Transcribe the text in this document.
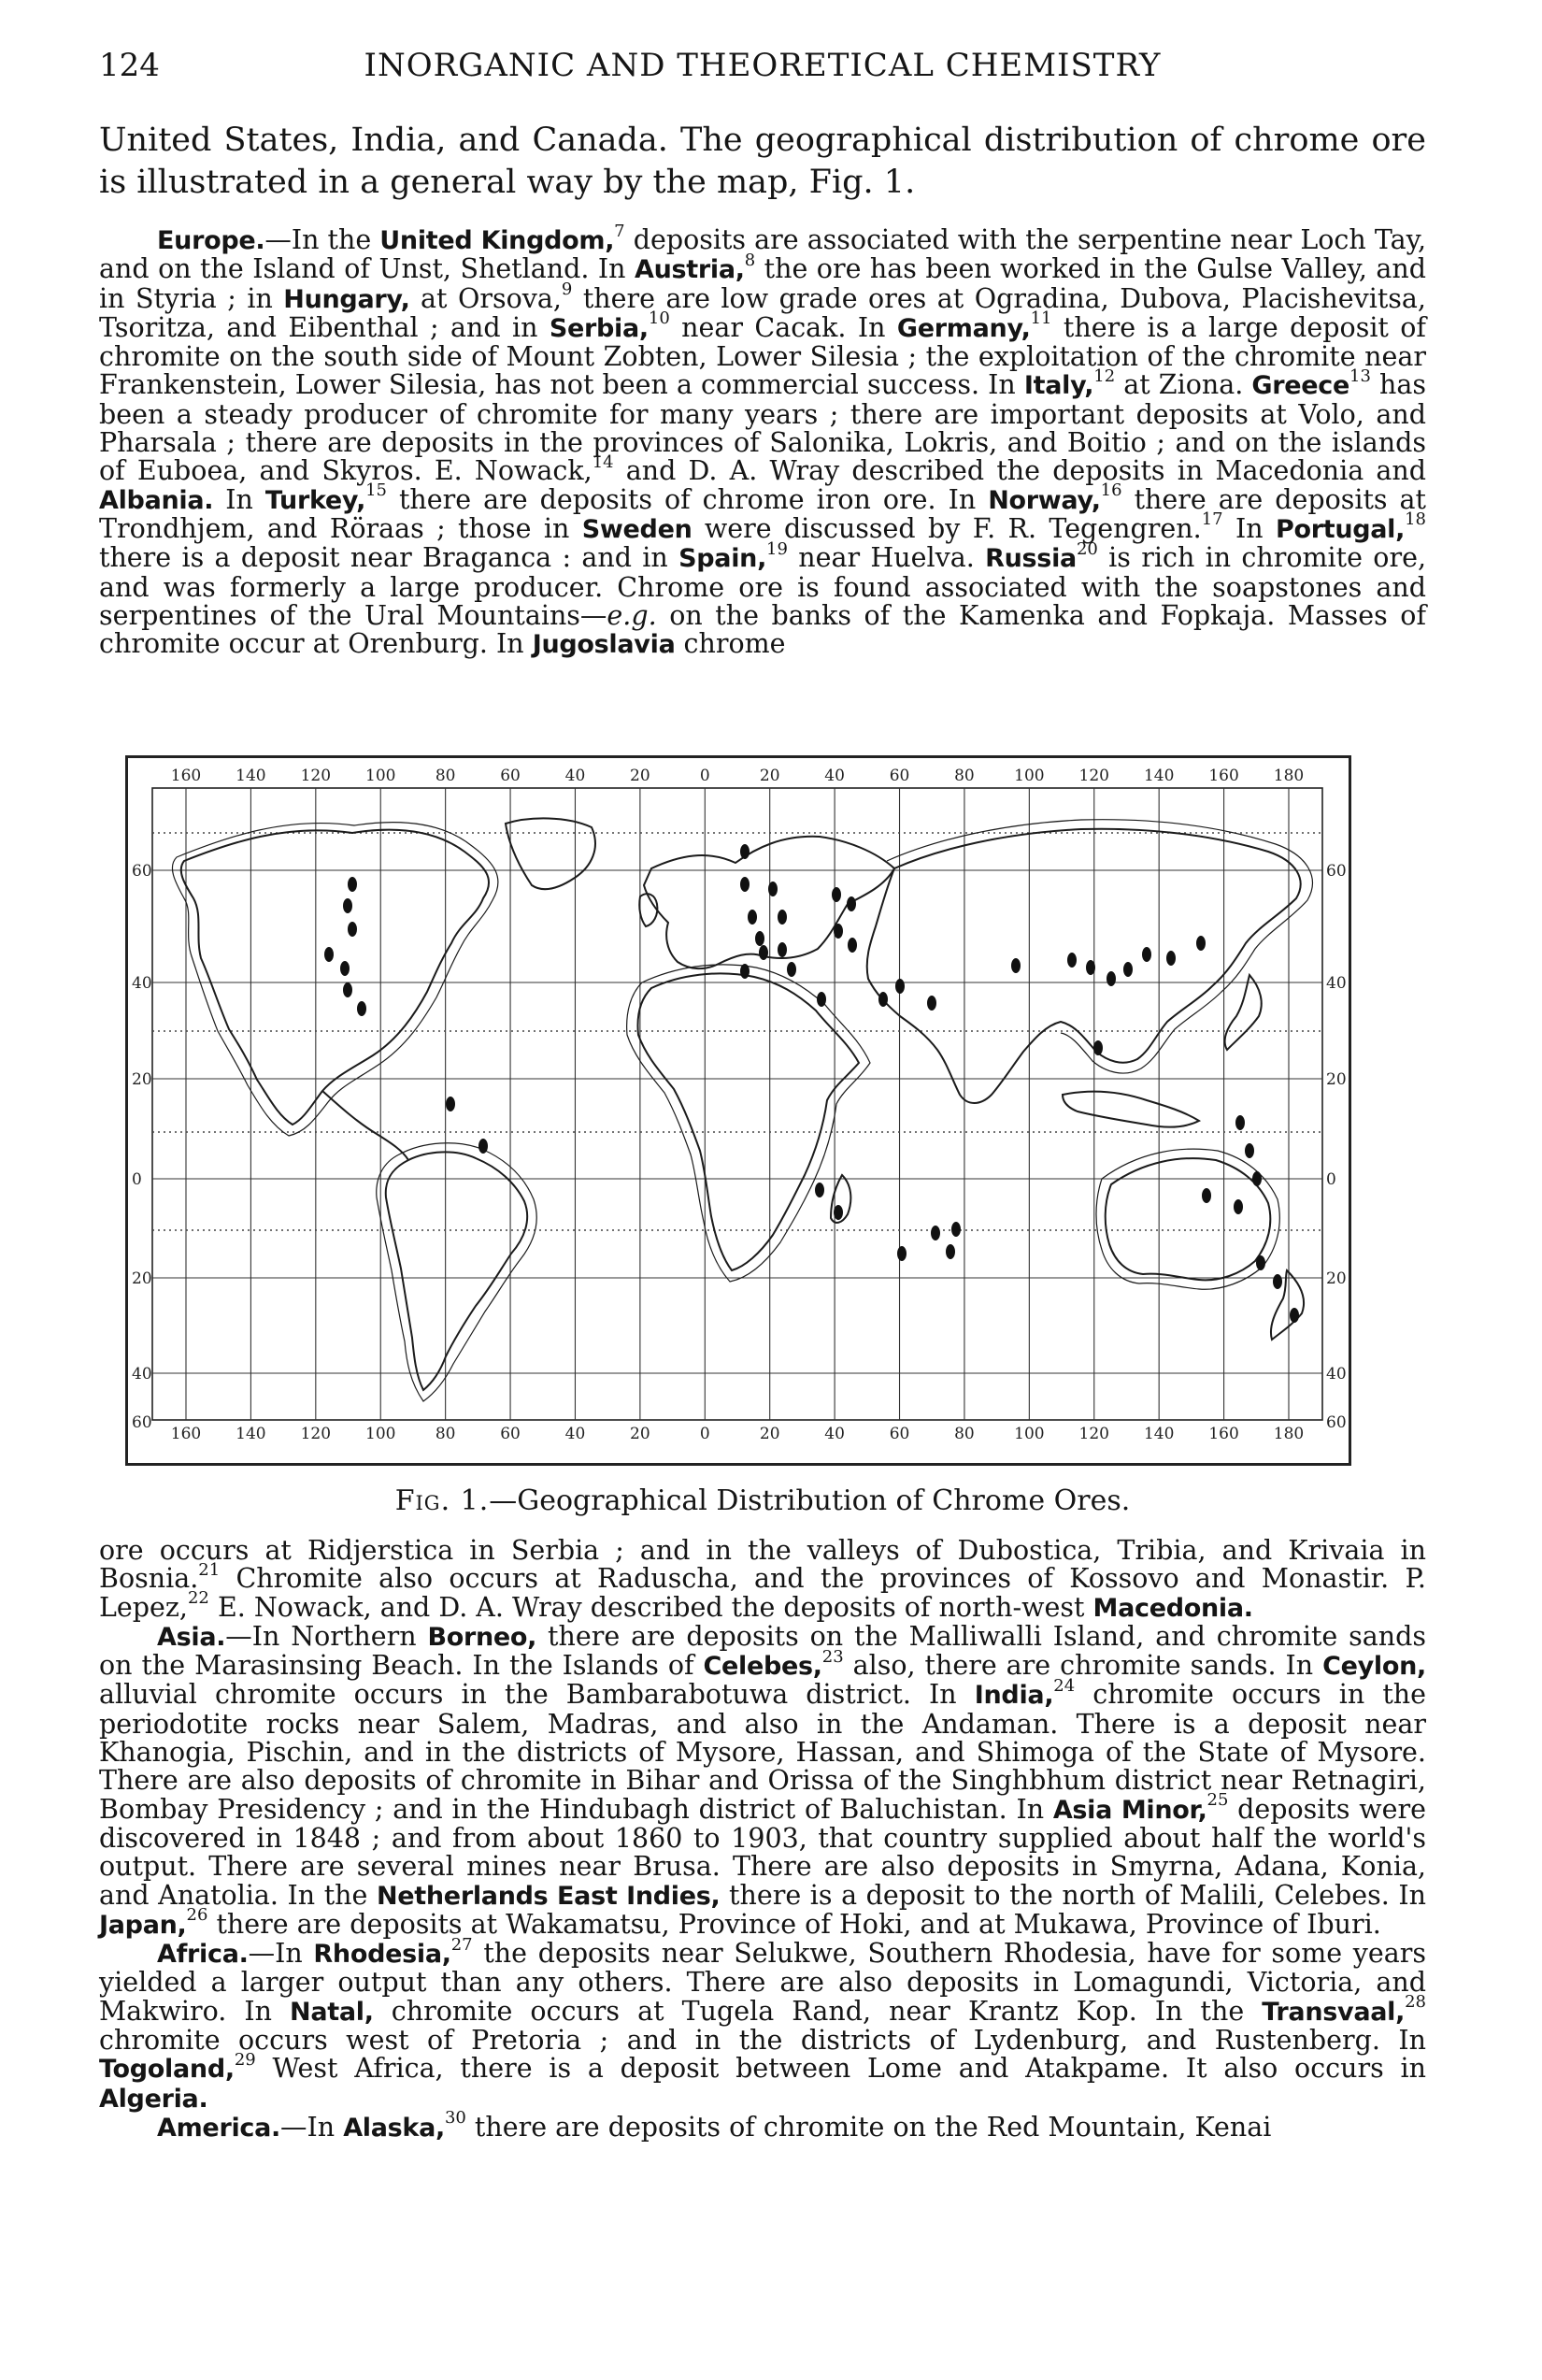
124	INORGANIC AND THEORETICAL CHEMISTRY
United States, India, and Canada. The geographical distribution of chrome ore is illustrated in a general way by the map, Fig. 1.

Europe.—In the United Kingdom,$^7$ deposits are associated with the serpentine near Loch Tay, and on the Island of Unst, Shetland. In Austria,$^8$ the ore has been worked in the Gulse Valley, and in Styria ; in Hungary, at Orsova,$^9$ there are low grade ores at Ogradina, Dubova, Placishevitsa, Tsoritza, and Eibenthal ; and in Serbia,$^{10}$ near Cacak. In Germany,$^{11}$ there is a large deposit of chromite on the south side of Mount Zobten, Lower Silesia ; the exploitation of the chromite near Frankenstein, Lower Silesia, has not been a commercial success. In Italy,$^{12}$ at Ziona. Greece$^{13}$ has been a steady producer of chromite for many years ; there are important deposits at Volo, and Pharsala ; there are deposits in the provinces of Salonika, Lokris, and Boitio ; and on the islands of Euboea, and Skyros. E. Nowack,$^{14}$ and D. A. Wray described the deposits in Macedonia and Albania. In Turkey,$^{15}$ there are deposits of chrome iron ore. In Norway,$^{16}$ there are deposits at Trondhjem, and Röraas ; those in Sweden were discussed by F. R. Tegengren.$^{17}$ In Portugal,$^{18}$ there is a deposit near Braganca : and in Spain,$^{19}$ near Huelva. Russia$^{20}$ is rich in chromite ore, and was formerly a large producer. Chrome ore is found associated with the soapstones and serpentines of the Ural Mountains—e.g. on the banks of the Kamenka and Fopkaja. Masses of chromite occur at Orenburg. In Jugoslavia chrome

160
160
140
140
120
120
100
100
80
80
60
60
40
40
20
20
0
0
20
20
40
40
60
60
80
80
100
100
120
120
140
140
160
160
180
180
60	60
40	40
20	20
0	0
20	20
40	40
60	60
Fig. 1.—Geographical Distribution of Chrome Ores.

ore occurs at Ridjerstica in Serbia ; and in the valleys of Dubostica, Tribia, and Krivaia in Bosnia.$^{21}$ Chromite also occurs at Raduscha, and the provinces of Kossovo and Monastir. P. Lepez,$^{22}$ E. Nowack, and D. A. Wray described the deposits of north-west Macedonia.

Asia.—In Northern Borneo, there are deposits on the Malliwalli Island, and chromite sands on the Marasinsing Beach. In the Islands of Celebes,$^{23}$ also, there are chromite sands. In Ceylon, alluvial chromite occurs in the Bambarabotuwa district. In India,$^{24}$ chromite occurs in the periodotite rocks near Salem, Madras, and also in the Andaman. There is a deposit near Khanogia, Pischin, and in the districts of Mysore, Hassan, and Shimoga of the State of Mysore. There are also deposits of chromite in Bihar and Orissa of the Singhbhum district near Retnagiri, Bombay Presidency ; and in the Hindubagh district of Baluchistan. In Asia Minor,$^{25}$ deposits were discovered in 1848 ; and from about 1860 to 1903, that country supplied about half the world's output. There are several mines near Brusa. There are also deposits in Smyrna, Adana, Konia, and Anatolia. In the Netherlands East Indies, there is a deposit to the north of Malili, Celebes. In Japan,$^{26}$ there are deposits at Wakamatsu, Province of Hoki, and at Mukawa, Province of Iburi.

Africa.—In Rhodesia,$^{27}$ the deposits near Selukwe, Southern Rhodesia, have for some years yielded a larger output than any others. There are also deposits in Lomagundi, Victoria, and Makwiro. In Natal, chromite occurs at Tugela Rand, near Krantz Kop. In the Transvaal,$^{28}$ chromite occurs west of Pretoria ; and in the districts of Lydenburg, and Rustenberg. In Togoland,$^{29}$ West Africa, there is a deposit between Lome and Atakpame. It also occurs in Algeria.

America.—In Alaska,$^{30}$ there are deposits of chromite on the Red Mountain, Kenai
